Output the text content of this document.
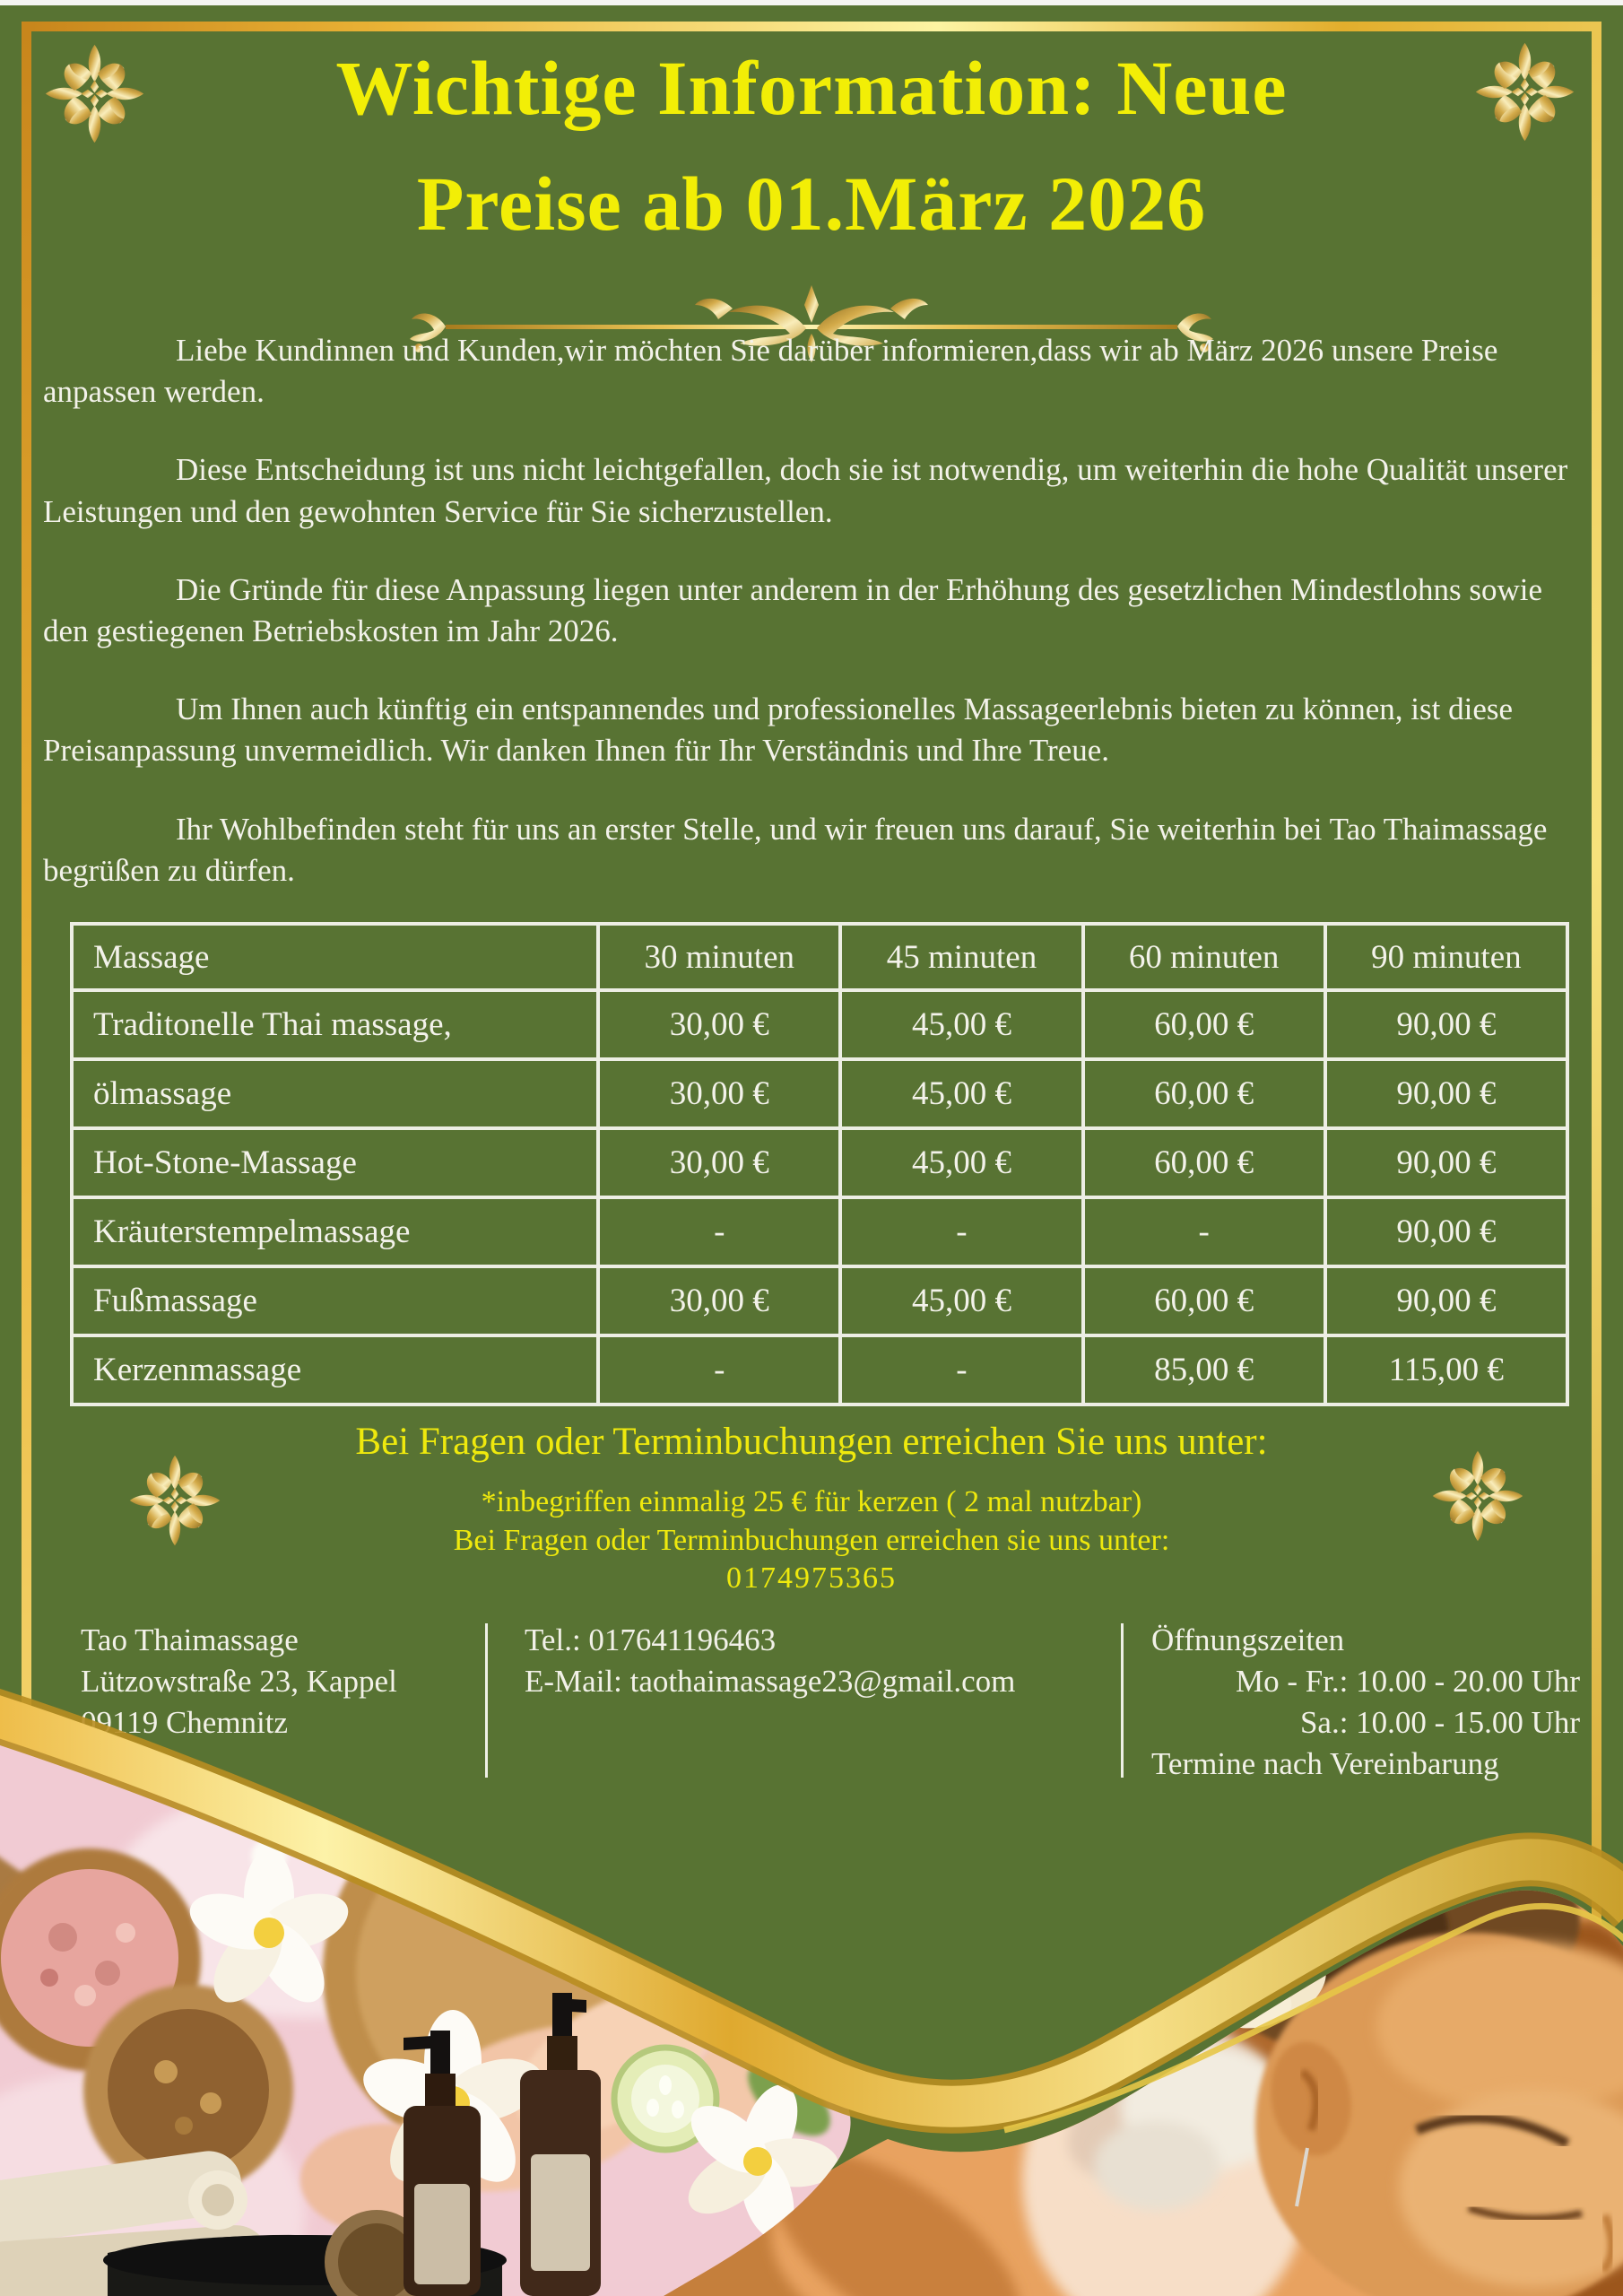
Wichtige Information: Neue
Preise ab 01.März 2026

Liebe Kundinnen und Kunden,wir möchten Sie darüber informieren,dass wir ab März 2026 unsere Preise anpassen werden.

Diese Entscheidung ist uns nicht leichtgefallen, doch sie ist notwendig, um weiterhin die hohe Qualität unserer Leistungen und den gewohnten Service für Sie sicherzustellen.

Die Gründe für diese Anpassung liegen unter anderem in der Erhöhung des gesetzlichen Mindestlohns sowie den gestiegenen Betriebskosten im Jahr 2026.

Um Ihnen auch künftig ein entspannendes und professionelles Massageerlebnis bieten zu können, ist diese Preisanpassung unvermeidlich. Wir danken Ihnen für Ihr Verständnis und Ihre Treue.

Ihr Wohlbefinden steht für uns an erster Stelle, und wir freuen uns darauf, Sie weiterhin bei Tao Thaimassage begrüßen zu dürfen.

Massage	30 minuten	45 minuten	60 minuten	90 minuten
Traditonelle Thai massage,	30,00 €	45,00 €	60,00 €	90,00 €
ölmassage	30,00 €	45,00 €	60,00 €	90,00 €
Hot-Stone-Massage	30,00 €	45,00 €	60,00 €	90,00 €
Kräuterstempelmassage	-	-	-	90,00 €
Fußmassage	30,00 €	45,00 €	60,00 €	90,00 €
Kerzenmassage	-	-	85,00 €	115,00 €
Bei Fragen oder Terminbuchungen erreichen Sie uns unter:
*inbegriffen einmalig 25 € für kerzen ( 2 mal nutzbar)
Bei Fragen oder Terminbuchungen erreichen sie uns unter:
0174975365
Tao Thaimassage
Lützowstraße 23, Kappel
09119 Chemnitz
Tel.: 017641196463
E-Mail: taothaimassage23@gmail.com
Öffnungszeiten
Mo - Fr.: 10.00 - 20.00 Uhr
Sa.: 10.00 - 15.00 Uhr
Termine nach Vereinbarung
